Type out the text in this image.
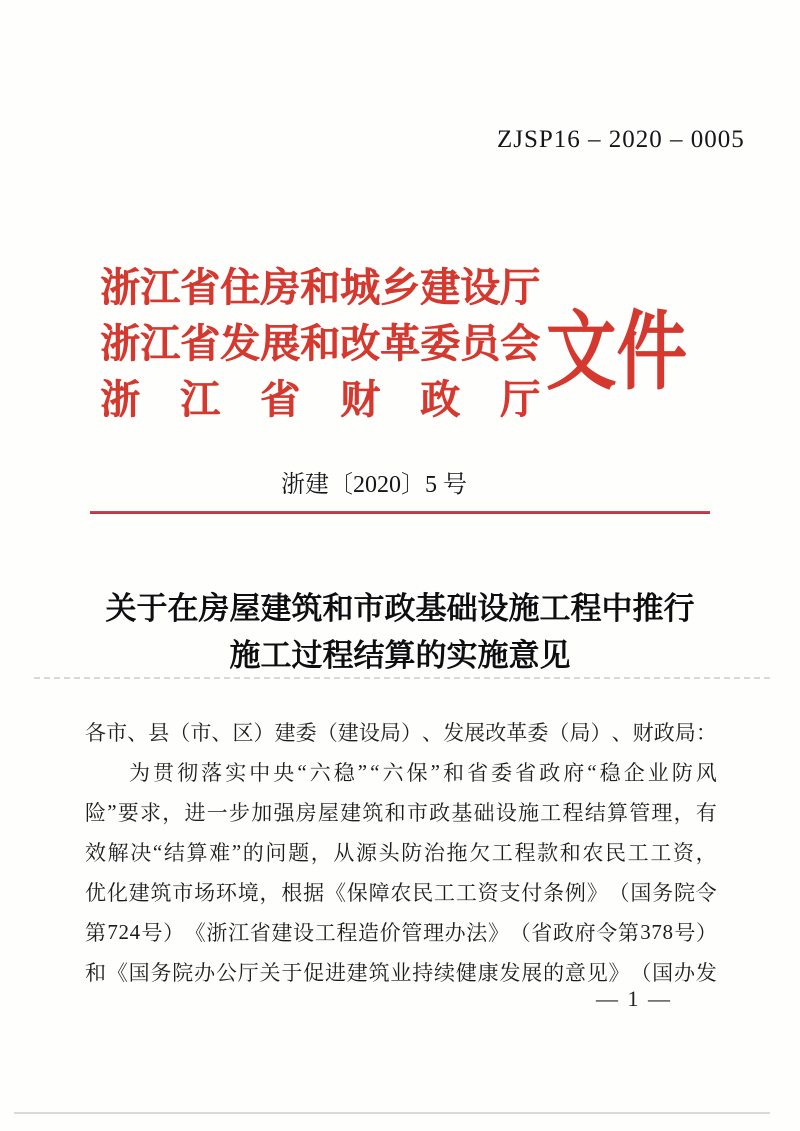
ZJSP16 – 2020 – 0005
浙 江 省 住 房 和 城 乡 建 设 厅
浙 江 省 发 展 和 改 革 委 员 会
浙 江 省 财 政 厅 文件
浙建〔2020〕5 号
关于在房屋建筑和市政基础设施工程中推行
施工过程结算的实施意见
各 市 、 县 （ 市 、 区 ） 建 委 （ 建 设 局 ） 、 发 展 改 革 委 （ 局 ） 、 财 政 局 ：
为 贯 彻 落 实 中 央 “ 六 稳 ” “ 六 保 ” 和 省 委 省 政 府 “ 稳 企 业 防 风
险 ” 要 求 ， 进 一 步 加 强 房 屋 建 筑 和 市 政 基 础 设 施 工 程 结 算 管 理 ， 有
效 解 决 “ 结 算 难 ” 的 问 题 ， 从 源 头 防 治 拖 欠 工 程 款 和 农 民 工 工 资 ，
优 化 建 筑 市 场 环 境 ， 根 据 《 保 障 农 民 工 工 资 支 付 条 例 》 （ 国 务 院 令
第 7 2 4 号 ） 《 浙 江 省 建 设 工 程 造 价 管 理 办 法 》 （ 省 政 府 令 第 3 7 8 号 ）
和 《 国 务 院 办 公 厅 关 于 促 进 建 筑 业 持 续 健 康 发 展 的 意 见 》 （ 国 办 发
— 1 —
